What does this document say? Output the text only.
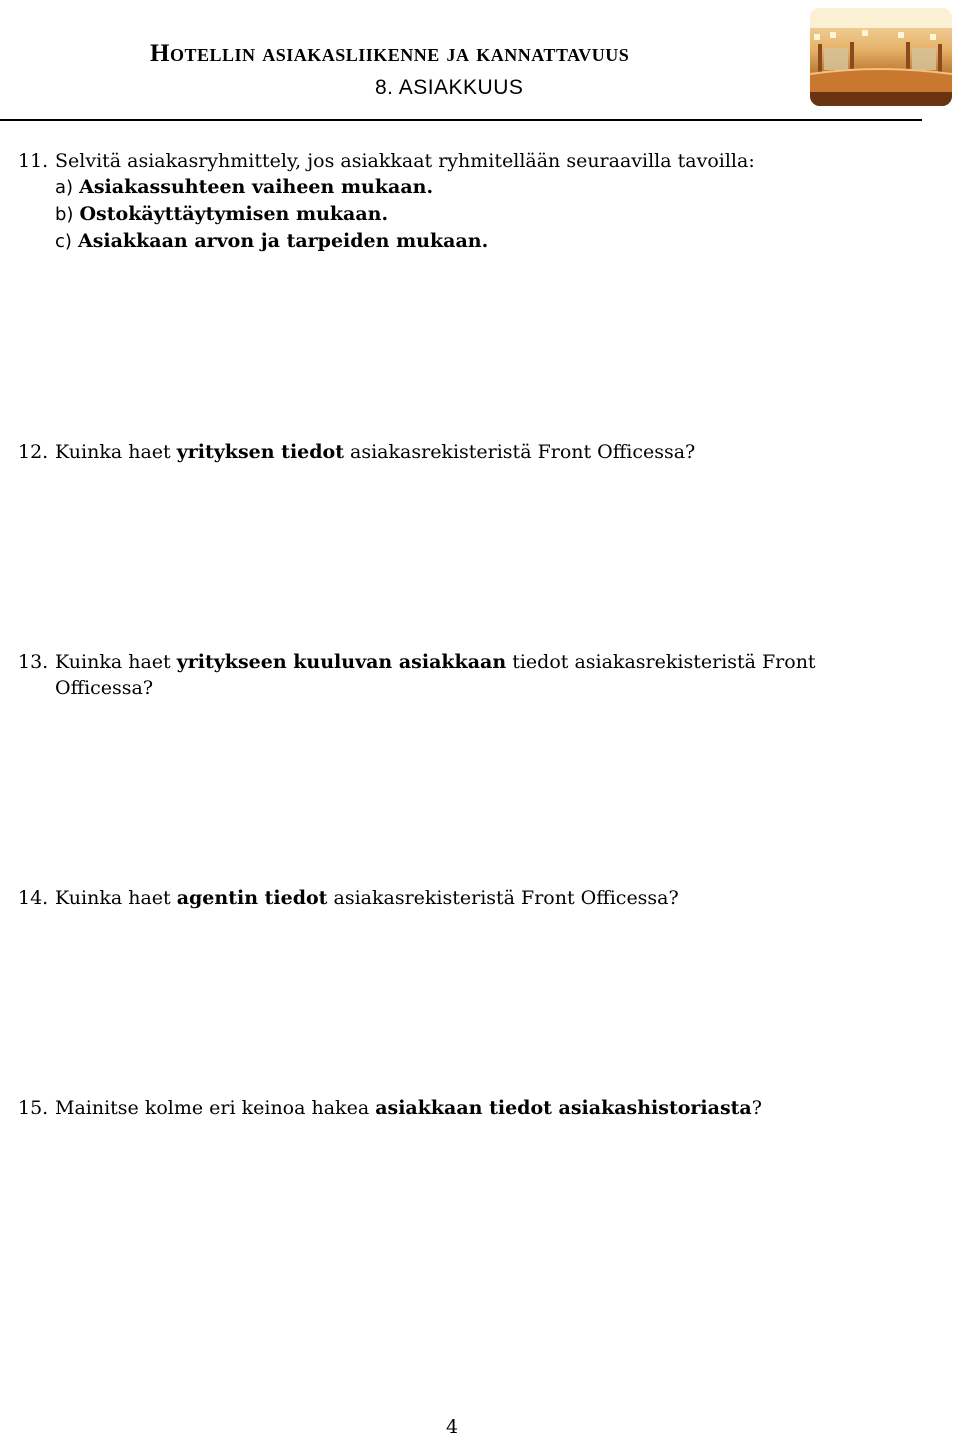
Hotellin asiakasliikenne ja kannattavuus
8. ASIAKKUUS
11. Selvitä asiakasryhmittely, jos asiakkaat ryhmitellään seuraavilla tavoilla:
a) Asiakassuhteen vaiheen mukaan.
b) Ostokäyttäytymisen mukaan.
c) Asiakkaan arvon ja tarpeiden mukaan.
12. Kuinka haet yrityksen tiedot asiakasrekisteristä Front Officessa?
13. Kuinka haet yritykseen kuuluvan asiakkaan tiedot asiakasrekisteristä Front
Officessa?
14. Kuinka haet agentin tiedot asiakasrekisteristä Front Officessa?
15. Mainitse kolme eri keinoa hakea asiakkaan tiedot asiakashistoriasta?
4
